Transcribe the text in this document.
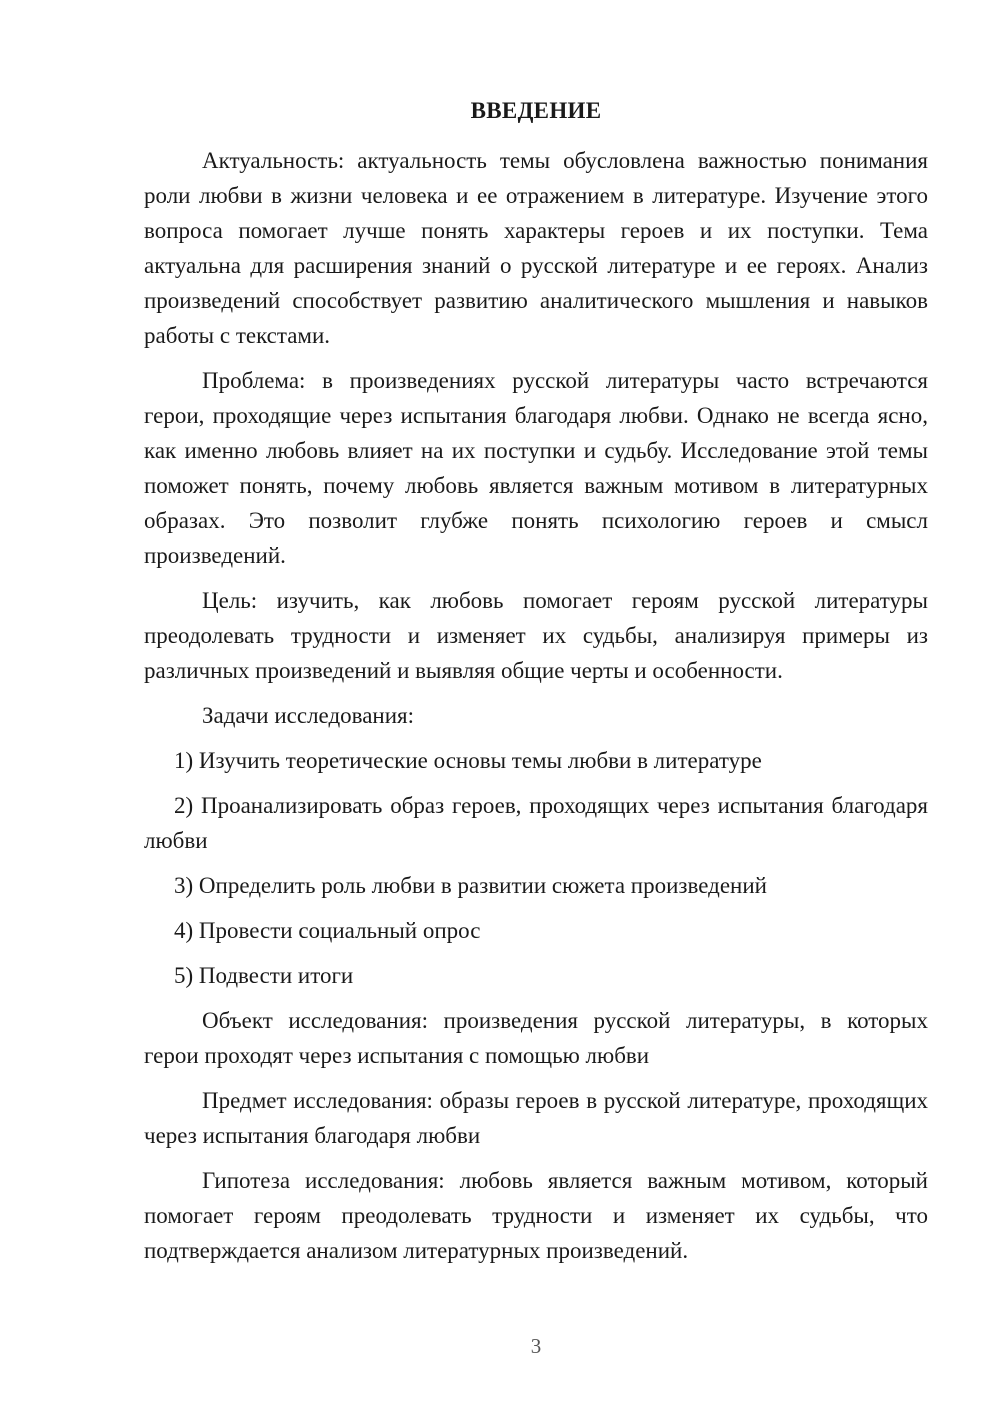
ВВЕДЕНИЕ

Актуальность: актуальность темы обусловлена важностью понимания роли любви в жизни человека и ее отражением в литературе. Изучение этого вопроса помогает лучше понять характеры героев и их поступки. Тема актуальна для расширения знаний о русской литературе и ее героях. Анализ произведений способствует развитию аналитического мышления и навыков работы с текстами.

Проблема: в произведениях русской литературы часто встречаются герои, проходящие через испытания благодаря любви. Однако не всегда ясно, как именно любовь влияет на их поступки и судьбу. Исследование этой темы поможет понять, почему любовь является важным мотивом в литературных образах. Это позволит глубже понять психологию героев и смысл произведений.

Цель: изучить, как любовь помогает героям русской литературы преодолевать трудности и изменяет их судьбы, анализируя примеры из различных произведений и выявляя общие черты и особенности.

Задачи исследования:

1) Изучить теоретические основы темы любви в литературе

2) Проанализировать образ героев, проходящих через испытания благодаря любви

3) Определить роль любви в развитии сюжета произведений

4) Провести социальный опрос

5) Подвести итоги

Объект исследования: произведения русской литературы, в которых герои проходят через испытания с помощью любви

Предмет исследования: образы героев в русской литературе, проходящих через испытания благодаря любви

Гипотеза исследования: любовь является важным мотивом, который помогает героям преодолевать трудности и изменяет их судьбы, что подтверждается анализом литературных произведений.

3
